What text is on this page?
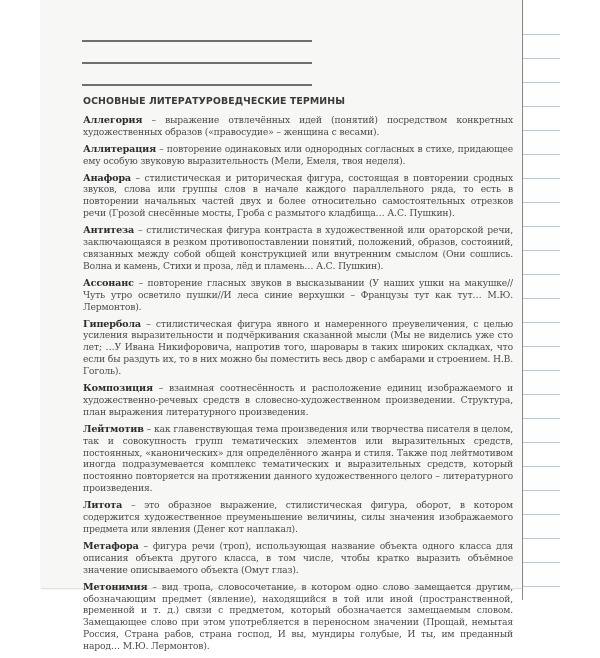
ОСНОВНЫЕ ЛИТЕРАТУРОВЕДЧЕСКИЕ ТЕРМИНЫ
Аллегория – выражение отвлечённых идей (понятий) посредством конкретных художественных образов («правосудие» – женщина с весами).
Аллитерация – повторение одинаковых или однородных согласных в стихе, придающее ему особую звуковую выразительность (Мели, Емеля, твоя неделя).
Анафора – стилистическая и риторическая фигура, состоящая в повторении сродных звуков, слова или группы слов в начале каждого параллельного ряда, то есть в повторении начальных частей двух и более относительно самостоятельных отрезков речи (Грозой снесённые мосты, Гроба с размытого кладбища… А.С. Пушкин).
Антитеза – стилистическая фигура контраста в художественной или ораторской речи, заключающаяся в резком противопоставлении понятий, положений, образов, состояний, связанных между собой общей конструкцией или внутренним смыслом (Они сошлись. Волна и камень, Стихи и проза, лёд и пламень… А.С. Пушкин).
Ассонанс – повторение гласных звуков в высказывании (У наших ушки на макушке//Чуть утро осветило пушки//И леса синие верхушки – Французы тут как тут… М.Ю. Лермонтов).
Гипербола – стилистическая фигура явного и намеренного преувеличения, с целью усиления выразительности и подчёркивания сказанной мысли (Мы не виделись уже сто лет; …У Ивана Никифоровича, напротив того, шаровары в таких широких складках, что если бы раздуть их, то в них можно бы поместить весь двор с амбарами и строением. Н.В. Гоголь).
Композиция – взаимная соотнесённость и расположение единиц изображаемого и художественно-речевых средств в словесно-художественном произведении. Структура, план выражения литературного произведения.
Лейтмотив – как главенствующая тема произведения или творчества писателя в целом, так и совокупность групп тематических элементов или выразительных средств, постоянных, «канонических» для определённого жанра и стиля. Также под лейтмотивом иногда подразумевается комплекс тематических и выразительных средств, который постоянно повторяется на протяжении данного художественного целого – литературного произведения.
Литота – это образное выражение, стилистическая фигура, оборот, в котором содержится художественное преуменьшение величины, силы значения изображаемого предмета или явления (Денег кот наплакал).
Метафора – фигура речи (троп), использующая название объекта одного класса для описания объекта другого класса, в том числе, чтобы кратко выразить объёмное значение описываемого объекта (Омут глаз).
Метонимия – вид тропа, словосочетание, в котором одно слово замещается другим, обозначающим предмет (явление), находящийся в той или иной (пространственной, временной и т. д.) связи с предметом, который обозначается замещаемым словом. Замещающее слово при этом употребляется в переносном значении (Прощай, немытая Россия, Страна рабов, страна господ, И вы, мундиры голубые, И ты, им преданный народ… М.Ю. Лермонтов).
